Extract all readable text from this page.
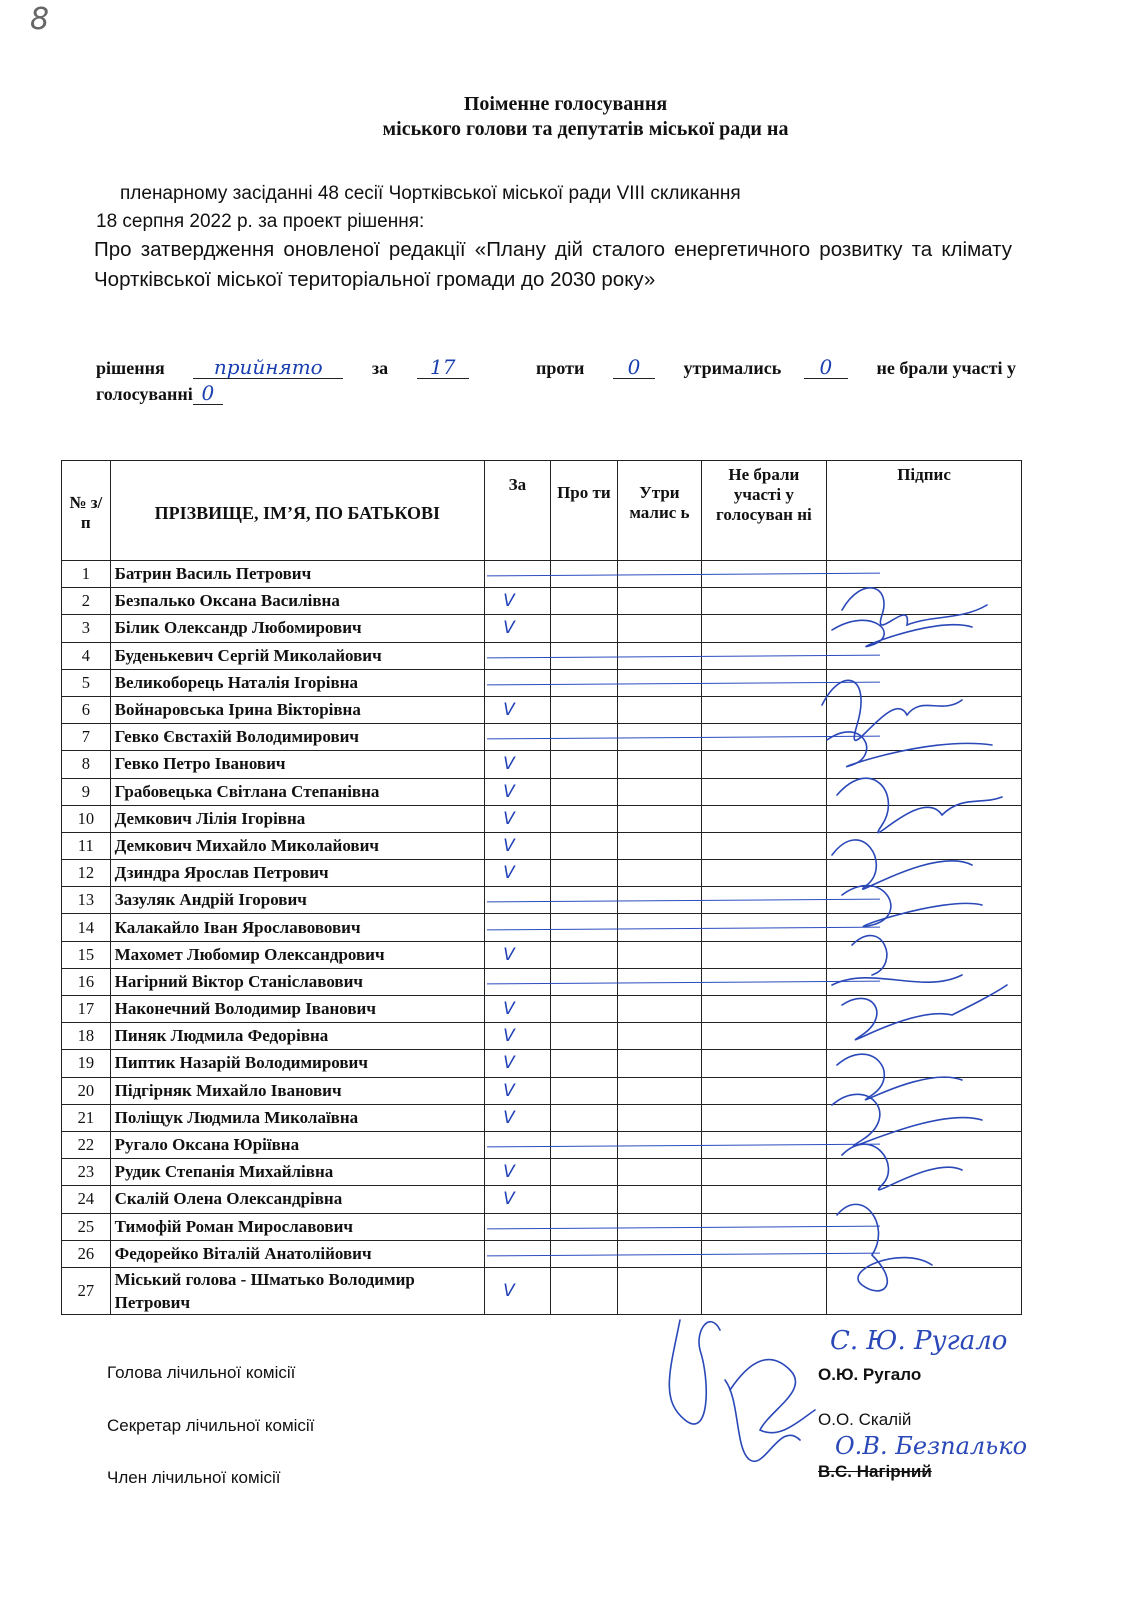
8
Поіменне голосування
міського голови та депутатів міської ради на
пленарному засіданні 48 сесії Чортківської міської ради VIII скликання
18 серпня 2022 р. за проект рішення:
Про затвердження оновленої редакції «Плану дій сталого енергетичного розвитку та клімату Чортківської міської територіальної громади до 2030 року»
рішення	прийнято	за	17	проти	0	утримались	0	не брали участі у
голосуванні 0
№ з/п	ПРІЗВИЩЕ, ІМ’Я, ПО БАТЬКОВІ	За	Про ти	Утри малис ь	Не брали участі у голосуван ні	Підпис
1	Батрин Василь Петрович	

2	Безпалько Оксана Василівна	V				
3	Білик Олександр Любомирович	V				
4	Буденькевич Сергій Миколайович	

5	Великоборець Наталія Ігорівна	

6	Войнаровська Ірина Вікторівна	V				
7	Гевко Євстахій Володимирович	

8	Гевко Петро Іванович	V				
9	Грабовецька Світлана Степанівна	V				
10	Демкович Лілія Ігорівна	V				
11	Демкович Михайло Миколайович	V				
12	Дзиндра Ярослав Петрович	V				
13	Зазуляк Андрій Ігорович	

14	Калакайло Іван Ярославовович	

15	Махомет Любомир Олександрович	V				
16	Нагірний Віктор Станіславович	

17	Наконечний Володимир Іванович	V				
18	Пиняк Людмила Федорівна	V				
19	Пиптик Назарій Володимирович	V				
20	Підгірняк Михайло Іванович	V				
21	Поліщук Людмила Миколаївна	V				
22	Ругало Оксана Юріївна	

23	Рудик Степанія Михайлівна	V				
24	Скалій Олена Олександрівна	V				
25	Тимофій Роман Мирославович	

26	Федорейко Віталій Анатолійович	

27	Міський голова - Шматько Володимир Петрович	V				
Голова лічильної комісії
Секретар лічильної комісії
Член лічильної комісії
С. Ю. Ругало
О.Ю. Ругало
О.О. Скалій
О.В. Безпалько
В.С. Нагірний
